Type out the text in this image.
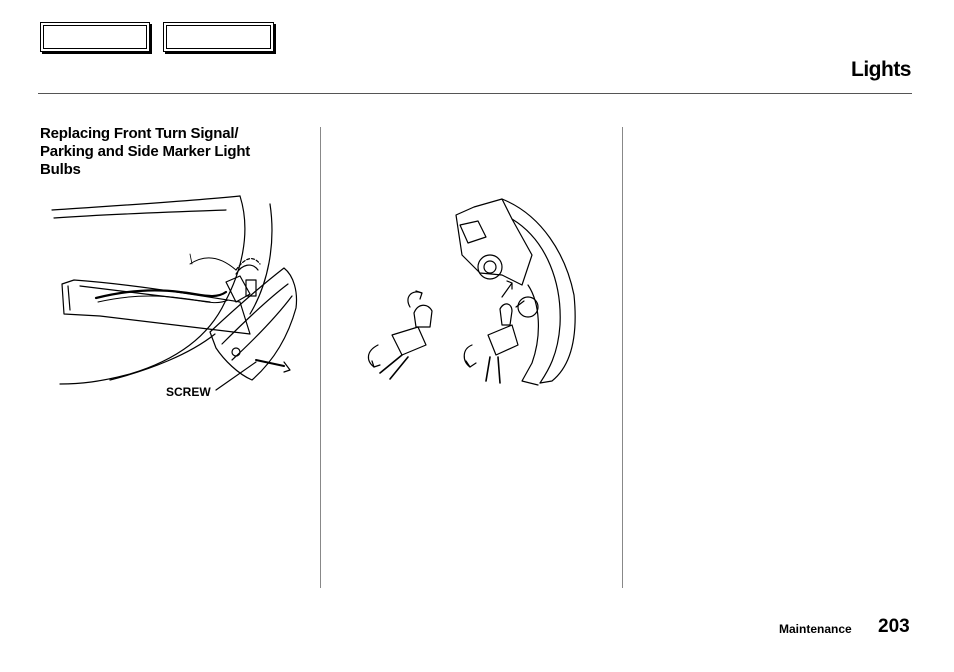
Lights
Replacing Front Turn Signal/
Parking and Side Marker Light
Bulbs
SCREW
Maintenance 203
